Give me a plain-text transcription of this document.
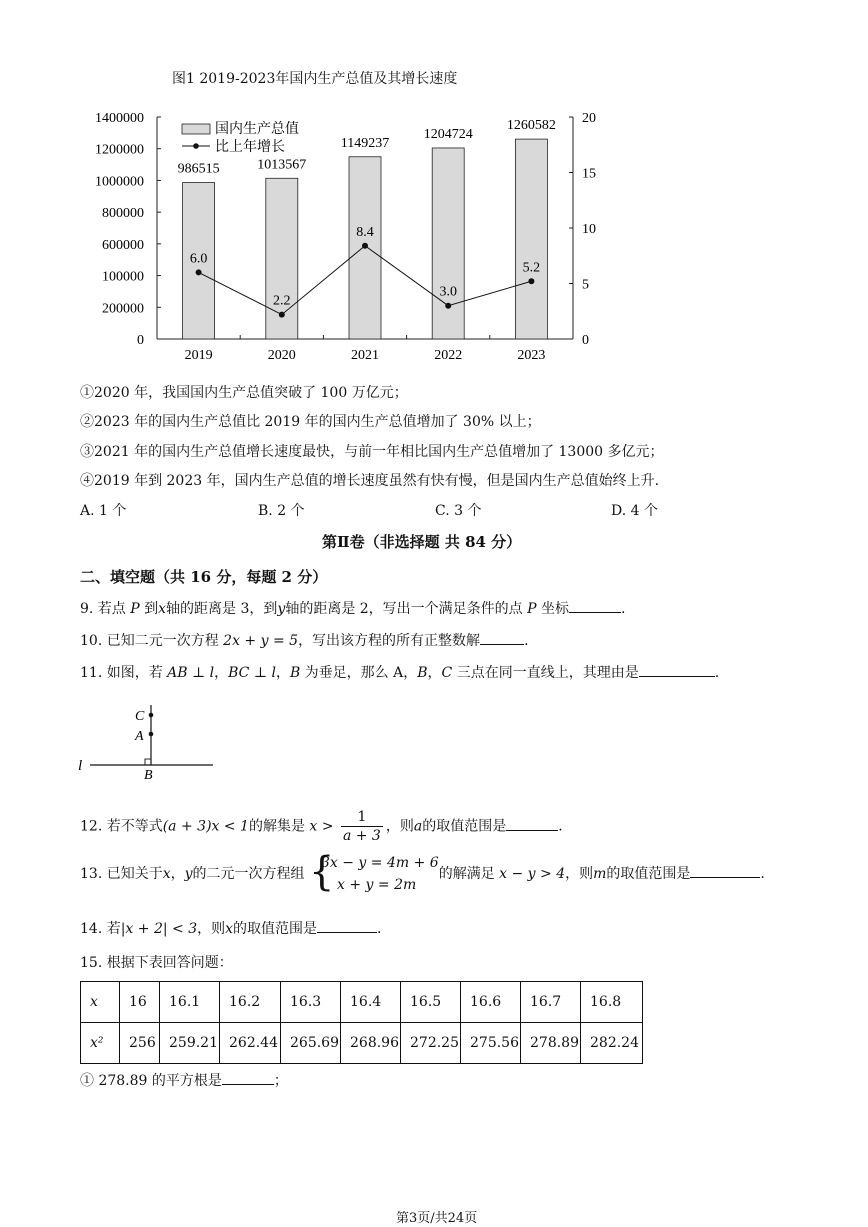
图1 2019-2023年国内生产总值及其增长速度
0
200000
100000
600000
800000
1000000
1200000
1400000
0
5
10
15
20
986515
2019
1013567
2020
1149237
2021
1204724
2022
1260582
2023
6.0
2.2
8.4
3.0
5.2
国内生产总值
比上年增长
①2020 年，我国国内生产总值突破了 100 万亿元；
②2023 年的国内生产总值比 2019 年的国内生产总值增加了 30% 以上；
③2021 年的国内生产总值增长速度最快，与前一年相比国内生产总值增加了 13000 多亿元；
④2019 年到 2023 年，国内生产总值的增长速度虽然有快有慢，但是国内生产总值始终上升.
A. 1 个	B. 2 个	C. 3 个	D. 4 个
第Ⅱ卷（非选择题 共 84 分）
二、填空题（共 16 分，每题 2 分）
9. 若点 P 到x轴的距离是 3，到y轴的距离是 2，写出一个满足条件的点 P 坐标	.
10. 已知二元一次方程 2x + y = 5，写出该方程的所有正整数解	.
11. 如图，若 AB ⊥ l，BC ⊥ l，B 为垂足，那么 A，B，C 三点在同一直线上，其理由是	.
C
A
B
l
12. 若不等式(a + 3)x < 1的解集是 $x > \frac{1}{a + 3}$ ，则a的取值范围是	.
13. 已知关于x，y的二元一次方程组 {
3x − y = 4m + 6
x + y = 2m
的解满足 x − y > 4，则m的取值范围是	.
14. 若|x + 2| < 3，则x的取值范围是	.
15. 根据下表回答问题：
x	16	16.1	16.2	16.3	16.4	16.5	16.6	16.7	16.8
x²	256	259.21	262.44	265.69	268.96	272.25	275.56	278.89	282.24
① 278.89 的平方根是	；
第3页/共24页
